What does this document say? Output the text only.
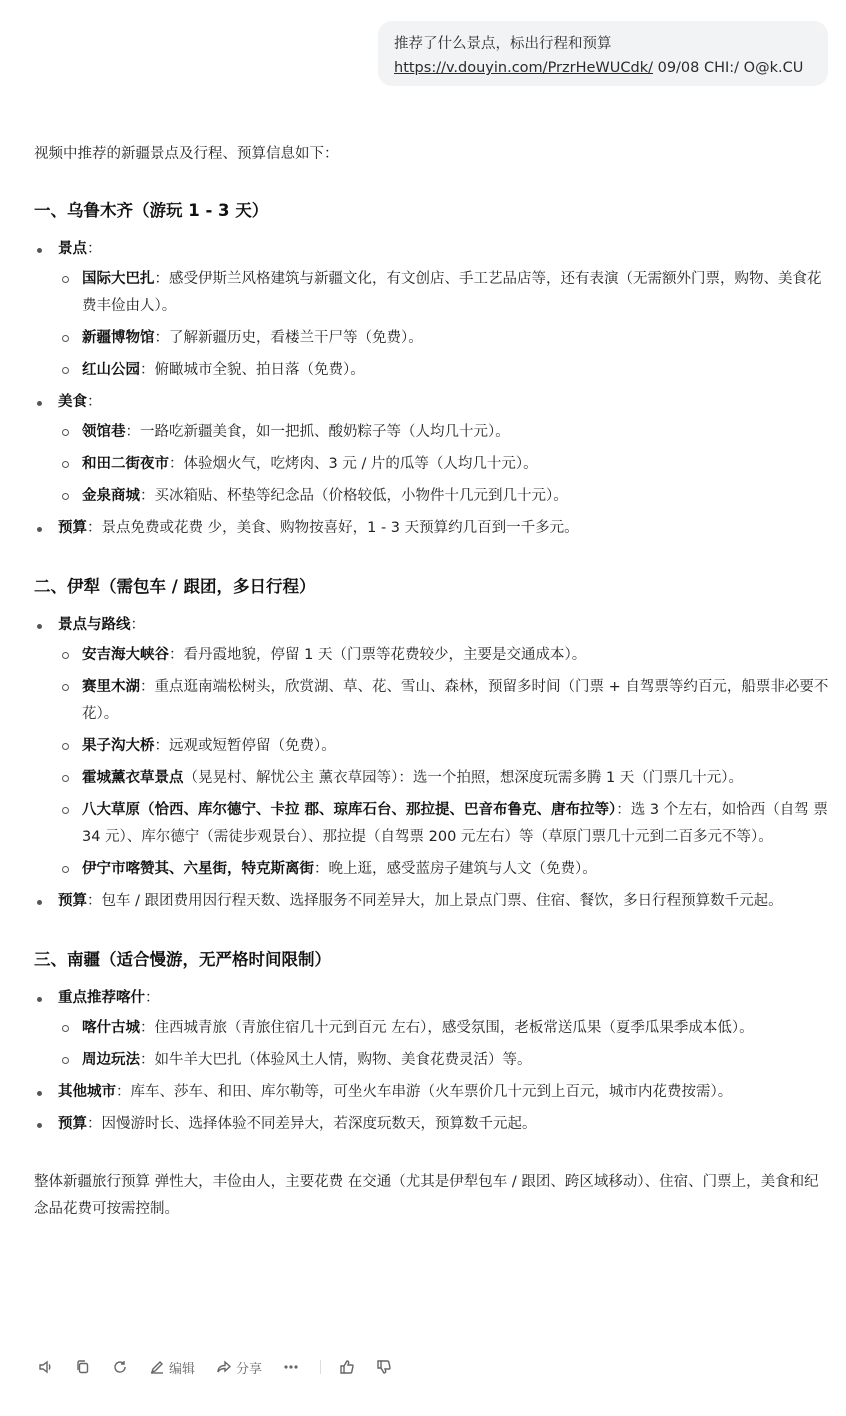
推荐了什么景点，标出行程和预算
https://v.douyin.com/PrzrHeWUCdk/ 09/08 CHI:/ O@k.CU

视频中推荐的新疆景点及行程、预算信息如下：

一、乌鲁木齐（游玩 1 - 3 天）
景点：
国际大巴扎：感受伊斯兰风格建筑与新疆文化，有文创店、手工艺品店等，还有表演（无需额外门票，购物、美食花费丰俭由人）。
新疆博物馆：了解新疆历史，看楼兰干尸等（免费）。
红山公园：俯瞰城市全貌、拍日落（免费）。
美食：
领馆巷：一路吃新疆美食，如一把抓、酸奶粽子等（人均几十元）。
和田二街夜市：体验烟火气，吃烤肉、3 元 / 片的瓜等（人均几十元）。
金泉商城：买冰箱贴、杯垫等纪念品（价格较低，小物件十几元到几十元）。
预算：景点免费或花费 少，美食、购物按喜好，1 - 3 天预算约几百到一千多元。
二、伊犁（需包车 / 跟团，多日行程）
景点与路线：
安吉海大峡谷：看丹霞地貌，停留 1 天（门票等花费较少，主要是交通成本）。
赛里木湖：重点逛南端松树头，欣赏湖、草、花、雪山、森林，预留多时间（门票 + 自驾票等约百元，船票非必要不花）。
果子沟大桥：远观或短暂停留（免费）。
霍城薰衣草景点（晃晃村、解忧公主 薰衣草园等）：选一个拍照，想深度玩需多腾 1 天（门票几十元）。
八大草原（恰西、库尔德宁、卡拉 郡、琼库石台、那拉提、巴音布鲁克、唐布拉等）：选 3 个左右，如恰西（自驾 票 34 元）、库尔德宁（需徒步观景台）、那拉提（自驾票 200 元左右）等（草原门票几十元到二百多元不等）。
伊宁市喀赞其、六星街，特克斯离街：晚上逛，感受蓝房子建筑与人文（免费）。
预算：包车 / 跟团费用因行程天数、选择服务不同差异大，加上景点门票、住宿、餐饮，多日行程预算数千元起。
三、南疆（适合慢游，无严格时间限制）
重点推荐喀什：
喀什古城：住西城青旅（青旅住宿几十元到百元 左右），感受氛围，老板常送瓜果（夏季瓜果季成本低）。
周边玩法：如牛羊大巴扎（体验风土人情，购物、美食花费灵活）等。
其他城市：库车、莎车、和田、库尔勒等，可坐火车串游（火车票价几十元到上百元，城市内花费按需）。
预算：因慢游时长、选择体验不同差异大，若深度玩数天，预算数千元起。

整体新疆旅行预算 弹性大，丰俭由人，主要花费 在交通（尤其是伊犁包车 / 跟团、跨区域移动）、住宿、门票上，美食和纪念品花费可按需控制。

编辑	分享
